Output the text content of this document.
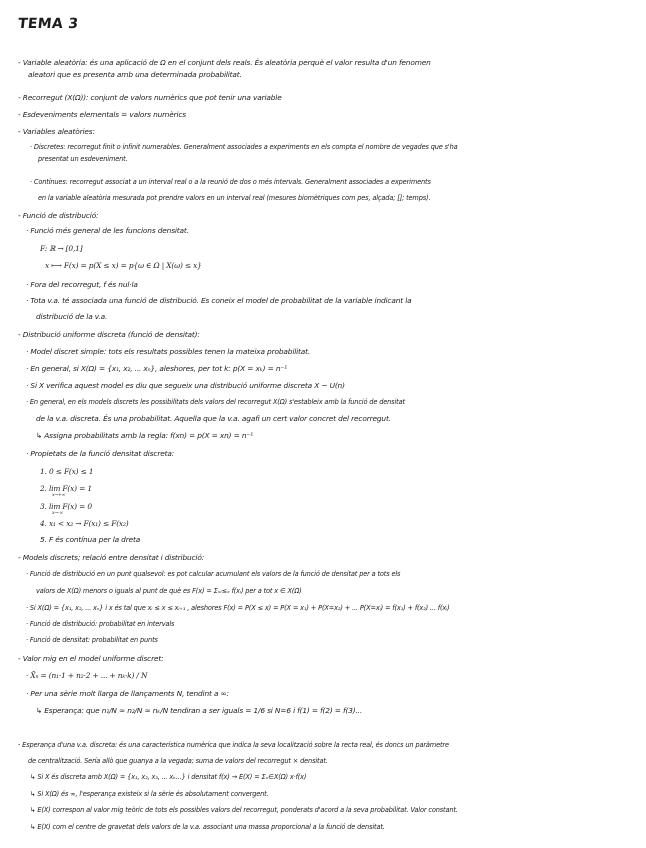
TEMA 3
- Variable aleatòria: és una aplicació de Ω en el conjunt dels reals. És aleatòria perquè el valor resulta d'un fenomen
aleatori que es presenta amb una determinada probabilitat.
- Recorregut (X(Ω)): conjunt de valors numèrics que pot tenir una variable
- Esdeveniments elementals = valors numèrics
- Variables aleatòries:
· Discretes: recorregut finit o infinit numerables. Generalment associades a experiments en els compta el nombre de vegades que s'ha
presentat un esdeveniment.
· Contínues: recorregut associat a un interval real o a la reunió de dos o més intervals. Generalment associades a experiments
en la variable aleatòria mesurada pot prendre valors en un interval real (mesures biomètriques com pes, alçada; []; temps).
- Funció de distribució:
· Funció més general de les funcions densitat.
F: ℝ → [0,1]
x ⟼ F(x) = p(X ≤ x) = p{ω ∈ Ω | X(ω) ≤ x}
· Fora del recorregut, f és nul·la
· Tota v.a. té associada una funció de distribució. Es coneix el model de probabilitat de la variable indicant la
distribució de la v.a.
- Distribució uniforme discreta (funció de densitat):
· Model discret simple: tots els resultats possibles tenen la mateixa probabilitat.
· En general, si X(Ω) = {x₁, x₂, ... xₙ}, aleshores, per tot k: p(X = xₖ) = n⁻¹
· Si X verifica aquest model es diu que segueix una distribució uniforme discreta X ~ U(n)
· En general, en els models discrets les possibilitats dels valors del recorregut X(Ω) s'estableix amb la funció de densitat
de la v.a. discreta. És una probabilitat. Aquella que la v.a. agafi un cert valor concret del recorregut.
↳ Assigna probabilitats amb la regla: f(xn) = p(X = xn) = n⁻¹
· Propietats de la funció densitat discreta:
1. 0 ≤ F(x) ≤ 1
2. lim F(x) = 1
x→+∞
3. lim F(x) = 0
x→-∞
4. x₁ < x₂ → F(x₁) ≤ F(x₂)
5. F és contínua per la dreta
- Models discrets; relació entre densitat i distribució:
· Funció de distribució en un punt qualsevol: es pot calcular acumulant els valors de la funció de densitat per a tots els
valors de X(Ω) menors o iguals al punt de què es F(x) = Σₓᵢ≤ₓ f(xᵢ) per a tot x ∈ X(Ω)
· Si X(Ω) = {x₁, x₂, ... xₙ} i x és tal que xᵢ ≤ x ≤ xᵢ₊₁ , aleshores F(x) = P(X ≤ x) = P(X = x₁) + P(X=x₂) + ... P(X=xᵢ) = f(x₁) + f(x₂) ... f(xᵢ)
· Funció de distribució: probabilitat en intervals
· Funció de densitat: probabilitat en punts
- Valor mig en el model uniforme discret:
· X̄ₙ = (n₁·1 + n₂·2 + ... + nₖ·k) / N
· Per una sèrie molt llarga de llançaments N, tendint a ∞:
↳ Esperança: que n₁/N ≈ n₂/N ≈ nₖ/N tendiran a ser iguals = 1/6 si N=6 i f(1) = f(2) = f(3)...
- Esperança d'una v.a. discreta: és una característica numèrica que indica la seva localització sobre la recta real, és doncs un paràmetre
de centralització. Sería allò que guanya a la vegada; suma de valors del recorregut × densitat.
↳ Si X és discreta amb X(Ω) = {x₁, x₂, x₃, ... xₖ...} i densitat f(x) → E(X) = Σₓ∈X(Ω) x·f(x)
↳ Si X(Ω) és ∞, l'esperança existeix si la sèrie és absolutament convergent.
↳ E(X) correspon al valor mig teòric de tots els possibles valors del recorregut, ponderats d'acord a la seva probabilitat. Valor constant.
↳ E(X) com el centre de gravetat dels valors de la v.a. associant una massa proporcional a la funció de densitat.
